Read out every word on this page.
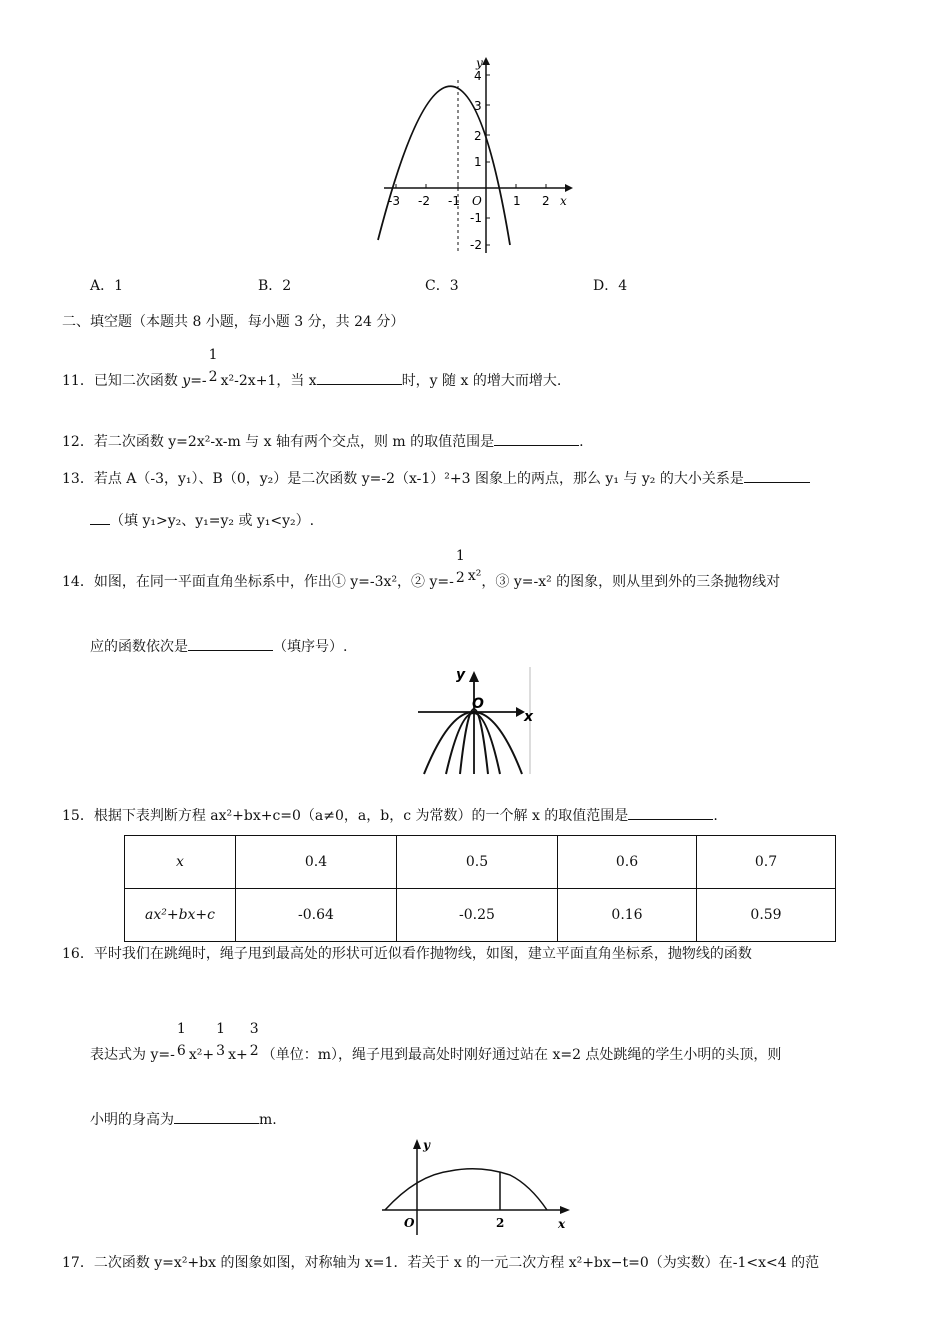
y
x
O
4
3
2
1
-1
-2
-3 -2 -1	1 2
A．1	B．2	C．3	D．4
二、填空题（本题共 8 小题，每小题 3 分，共 24 分）
11．已知二次函数 y=-
1
2 x²-2x+1，当 x	时，y 随 x 的增大而增大.
12．若二次函数 y=2x²-x-m 与 x 轴有两个交点，则 m 的取值范围是	.
13．若点 A（-3，y₁）、B（0，y₂）是二次函数 y=-2（x-1）²+3 图象上的两点，那么 y₁ 与 y₂ 的大小关系是
（填 y₁>y₂、y₁=y₂ 或 y₁<y₂）.
14．如图，在同一平面直角坐标系中，作出① y=-3x²，② y=-
1
2 x²，③ y=-x² 的图象，则从里到外的三条抛物线对
应的函数依次是	（填序号）.
y
x
O
15．根据下表判断方程 ax²+bx+c=0（a≠0，a，b，c 为常数）的一个解 x 的取值范围是	.
x	0.4	0.5	0.6	0.7
ax²+bx+c	-0.64	-0.25	0.16	0.59
16．平时我们在跳绳时，绳子甩到最高处的形状可近似看作抛物线，如图，建立平面直角坐标系，抛物线的函数
表达式为 y=-
1
6 x²+
1
3 x+
3
2 （单位：m），绳子甩到最高处时刚好通过站在 x=2 点处跳绳的学生小明的头顶，则
小明的身高为	m.
y
x
O	2
17．二次函数 y=x²+bx 的图象如图，对称轴为 x=1．若关于 x 的一元二次方程 x²+bx−t=0（为实数）在-1<x<4 的范
